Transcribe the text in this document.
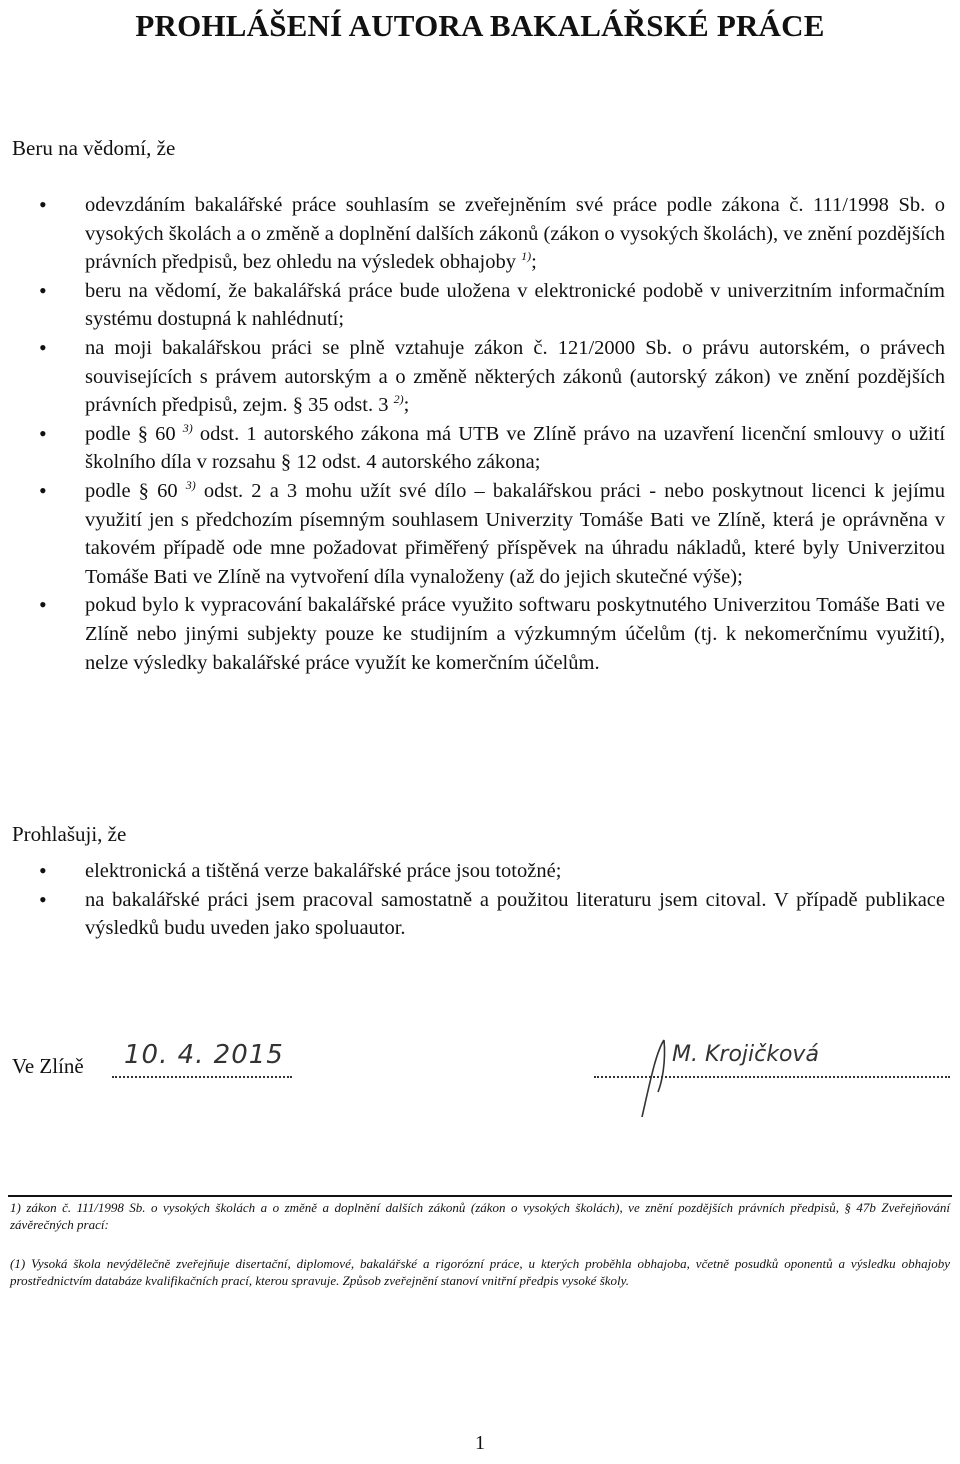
PROHLÁŠENÍ AUTORA BAKALÁŘSKÉ PRÁCE

Beru na vědomí, že

• odevzdáním bakalářské práce souhlasím se zveřejněním své práce podle zákona č. 111/1998 Sb. o vysokých školách a o změně a doplnění dalších zákonů (zákon o vysokých školách), ve znění pozdějších právních předpisů, bez ohledu na výsledek obhajoby $^{1)}$;
• beru na vědomí, že bakalářská práce bude uložena v elektronické podobě v univerzitním informačním systému dostupná k nahlédnutí;
• na moji bakalářskou práci se plně vztahuje zákon č. 121/2000 Sb. o právu autorském, o právech souvisejících s právem autorským a o změně některých zákonů (autorský zákon) ve znění pozdějších právních předpisů, zejm. § 35 odst. 3 $^{2)}$;
• podle § 60 $^{3)}$ odst. 1 autorského zákona má UTB ve Zlíně právo na uzavření licenční smlouvy o užití školního díla v rozsahu § 12 odst. 4 autorského zákona;
• podle § 60 $^{3)}$ odst. 2 a 3 mohu užít své dílo – bakalářskou práci - nebo poskytnout licenci k jejímu využití jen s předchozím písemným souhlasem Univerzity Tomáše Bati ve Zlíně, která je oprávněna v takovém případě ode mne požadovat přiměřený příspěvek na úhradu nákladů, které byly Univerzitou Tomáše Bati ve Zlíně na vytvoření díla vynaloženy (až do jejich skutečné výše);
• pokud bylo k vypracování bakalářské práce využito softwaru poskytnutého Univerzitou Tomáše Bati ve Zlíně nebo jinými subjekty pouze ke studijním a výzkumným účelům (tj. k nekomerčnímu využití), nelze výsledky bakalářské práce využít ke komerčním účelům.

Prohlašuji, že

• elektronická a tištěná verze bakalářské práce jsou totožné;
• na bakalářské práci jsem pracoval samostatně a použitou literaturu jsem citoval. V případě publikace výsledků budu uveden jako spoluautor.
Ve Zlíně 10. 4. 2015	M. Krojičková

1) zákon č. 111/1998 Sb. o vysokých školách a o změně a doplnění dalších zákonů (zákon o vysokých školách), ve znění pozdějších právních předpisů, § 47b Zveřejňování závěrečných prací:

(1) Vysoká škola nevýdělečně zveřejňuje disertační, diplomové, bakalářské a rigorózní práce, u kterých proběhla obhajoba, včetně posudků oponentů a výsledku obhajoby prostřednictvím databáze kvalifikačních prací, kterou spravuje. Způsob zveřejnění stanoví vnitřní předpis vysoké školy.

1
